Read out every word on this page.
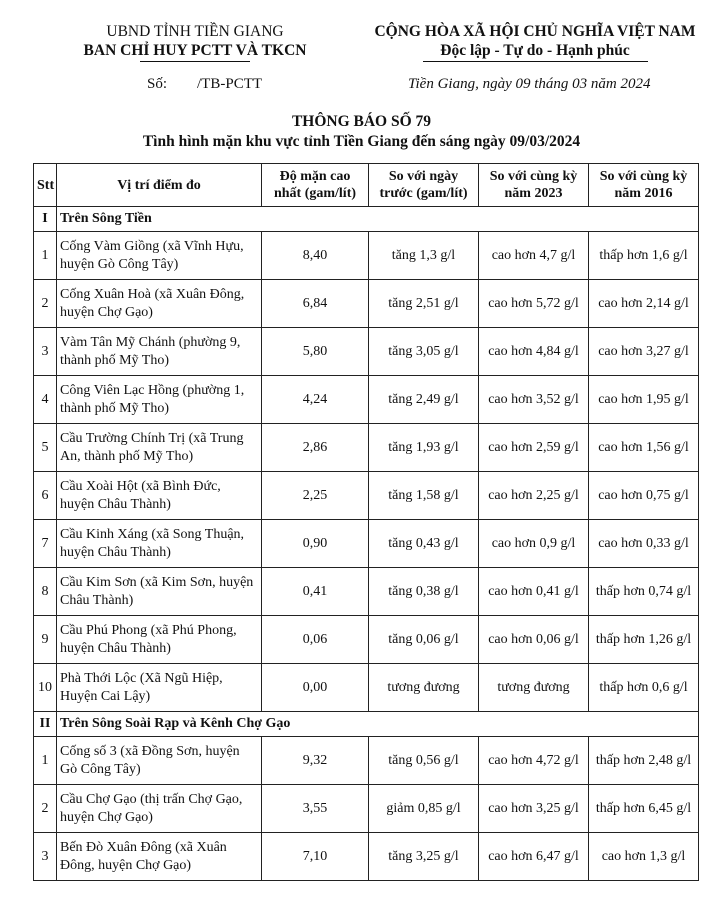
UBND TỈNH TIỀN GIANG
BAN CHỈ HUY PCTT VÀ TKCN
CỘNG HÒA XÃ HỘI CHỦ NGHĨA VIỆT NAM
Độc lập - Tự do - Hạnh phúc
Số: /TB-PCTT	Tiền Giang, ngày 09 tháng 03 năm 2024
THÔNG BÁO SỐ 79
Tình hình mặn khu vực tỉnh Tiền Giang đến sáng ngày 09/03/2024
Stt	Vị trí điểm đo	Độ mặn cao nhất (gam/lít)	So với ngày trước (gam/lít)	So với cùng kỳ năm 2023	So với cùng kỳ năm 2016
I	Trên Sông Tiền				
1	Cống Vàm Giồng (xã Vĩnh Hựu, huyện Gò Công Tây)	8,40	tăng 1,3 g/l	cao hơn 4,7 g/l	thấp hơn 1,6 g/l
2	Cống Xuân Hoà (xã Xuân Đông, huyện Chợ Gạo)	6,84	tăng 2,51 g/l	cao hơn 5,72 g/l	cao hơn 2,14 g/l
3	Vàm Tân Mỹ Chánh (phường 9, thành phố Mỹ Tho)	5,80	tăng 3,05 g/l	cao hơn 4,84 g/l	cao hơn 3,27 g/l
4	Công Viên Lạc Hồng (phường 1, thành phố Mỹ Tho)	4,24	tăng 2,49 g/l	cao hơn 3,52 g/l	cao hơn 1,95 g/l
5	Cầu Trường Chính Trị (xã Trung An, thành phố Mỹ Tho)	2,86	tăng 1,93 g/l	cao hơn 2,59 g/l	cao hơn 1,56 g/l
6	Cầu Xoài Hột (xã Bình Đức, huyện Châu Thành)	2,25	tăng 1,58 g/l	cao hơn 2,25 g/l	cao hơn 0,75 g/l
7	Cầu Kinh Xáng (xã Song Thuận, huyện Châu Thành)	0,90	tăng 0,43 g/l	cao hơn 0,9 g/l	cao hơn 0,33 g/l
8	Cầu Kim Sơn (xã Kim Sơn, huyện Châu Thành)	0,41	tăng 0,38 g/l	cao hơn 0,41 g/l	thấp hơn 0,74 g/l
9	Cầu Phú Phong (xã Phú Phong, huyện Châu Thành)	0,06	tăng 0,06 g/l	cao hơn 0,06 g/l	thấp hơn 1,26 g/l
10	Phà Thới Lộc (Xã Ngũ Hiệp, Huyện Cai Lậy)	0,00	tương đương	tương đương	thấp hơn 0,6 g/l
II	Trên Sông Soài Rạp và Kênh Chợ Gạo				
1	Cống số 3 (xã Đồng Sơn, huyện Gò Công Tây)	9,32	tăng 0,56 g/l	cao hơn 4,72 g/l	thấp hơn 2,48 g/l
2	Cầu Chợ Gạo (thị trấn Chợ Gạo, huyện Chợ Gạo)	3,55	giảm 0,85 g/l	cao hơn 3,25 g/l	thấp hơn 6,45 g/l
3	Bến Đò Xuân Đông (xã Xuân Đông, huyện Chợ Gạo)	7,10	tăng 3,25 g/l	cao hơn 6,47 g/l	cao hơn 1,3 g/l
